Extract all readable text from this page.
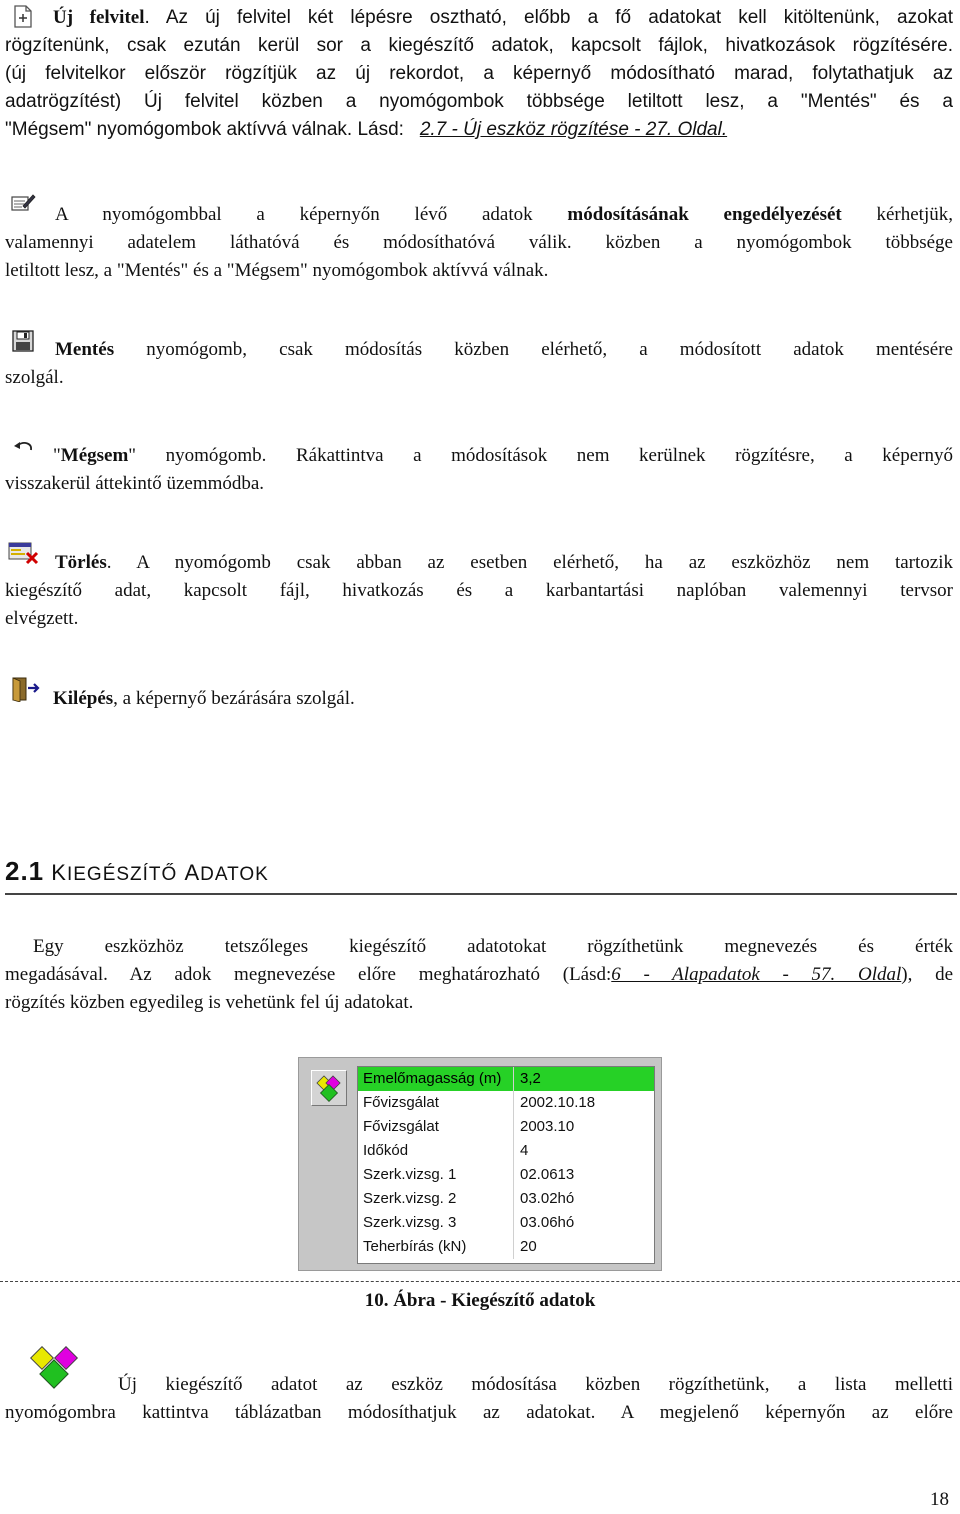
Új felvitel. Az új felvitel két lépésre osztható, előbb a fő adatokat kell kitöltenünk, azokat
rögzítenünk, csak ezután kerül sor a kiegészítő adatok, kapcsolt fájlok, hivatkozások rögzítésére.
(új felvitelkor először rögzítjük az új rekordot, a képernyő módosítható marad, folytathatjuk az
adatrögzítést) Új felvitel közben a nyomógombok többsége letiltott lesz, a "Mentés" és a
"Mégsem" nyomógombok aktívvá válnak. Lásd: 2.7 - Új eszköz rögzítése - 27. Oldal.
A nyomógombbal a képernyőn lévő adatok módosításának engedélyezését kérhetjük,
valamennyi adatelem láthatóvá és módosíthatóvá válik. közben a nyomógombok többsége
letiltott lesz, a "Mentés" és a "Mégsem" nyomógombok aktívvá válnak.
Mentés nyomógomb, csak módosítás közben elérhető, a módosított adatok mentésére
szolgál.
"Mégsem" nyomógomb. Rákattintva a módosítások nem kerülnek rögzítésre, a képernyő
visszakerül áttekintő üzemmódba.
Törlés. A nyomógomb csak abban az esetben elérhető, ha az eszközhöz nem tartozik
kiegészítő adat, kapcsolt fájl, hivatkozás és a karbantartási naplóban valemennyi tervsor
elvégzett.
Kilépés, a képernyő bezárására szolgál.
2.1 KIEGÉSZÍTŐ ADATOK
Egy eszközhöz tetszőleges kiegészítő adatotokat rögzíthetünk megnevezés és érték
megadásával. Az adok megnevezése előre meghatározható (Lásd:6 - Alapadatok - 57. Oldal), de
rögzítés közben egyedileg is vehetünk fel új adatokat.
Emelőmagasság (m)	3,2
Fővizsgálat	2002.10.18
Fővizsgálat	2003.10
Időkód	4
Szerk.vizsg. 1	02.0613
Szerk.vizsg. 2	03.02hó
Szerk.vizsg. 3	03.06hó
Teherbírás (kN)	20
10. Ábra - Kiegészítő adatok
Új kiegészítő adatot az eszköz módosítása közben rögzíthetünk, a lista melletti
nyomógombra kattintva táblázatban módosíthatjuk az adatokat. A megjelenő képernyőn az előre
18
